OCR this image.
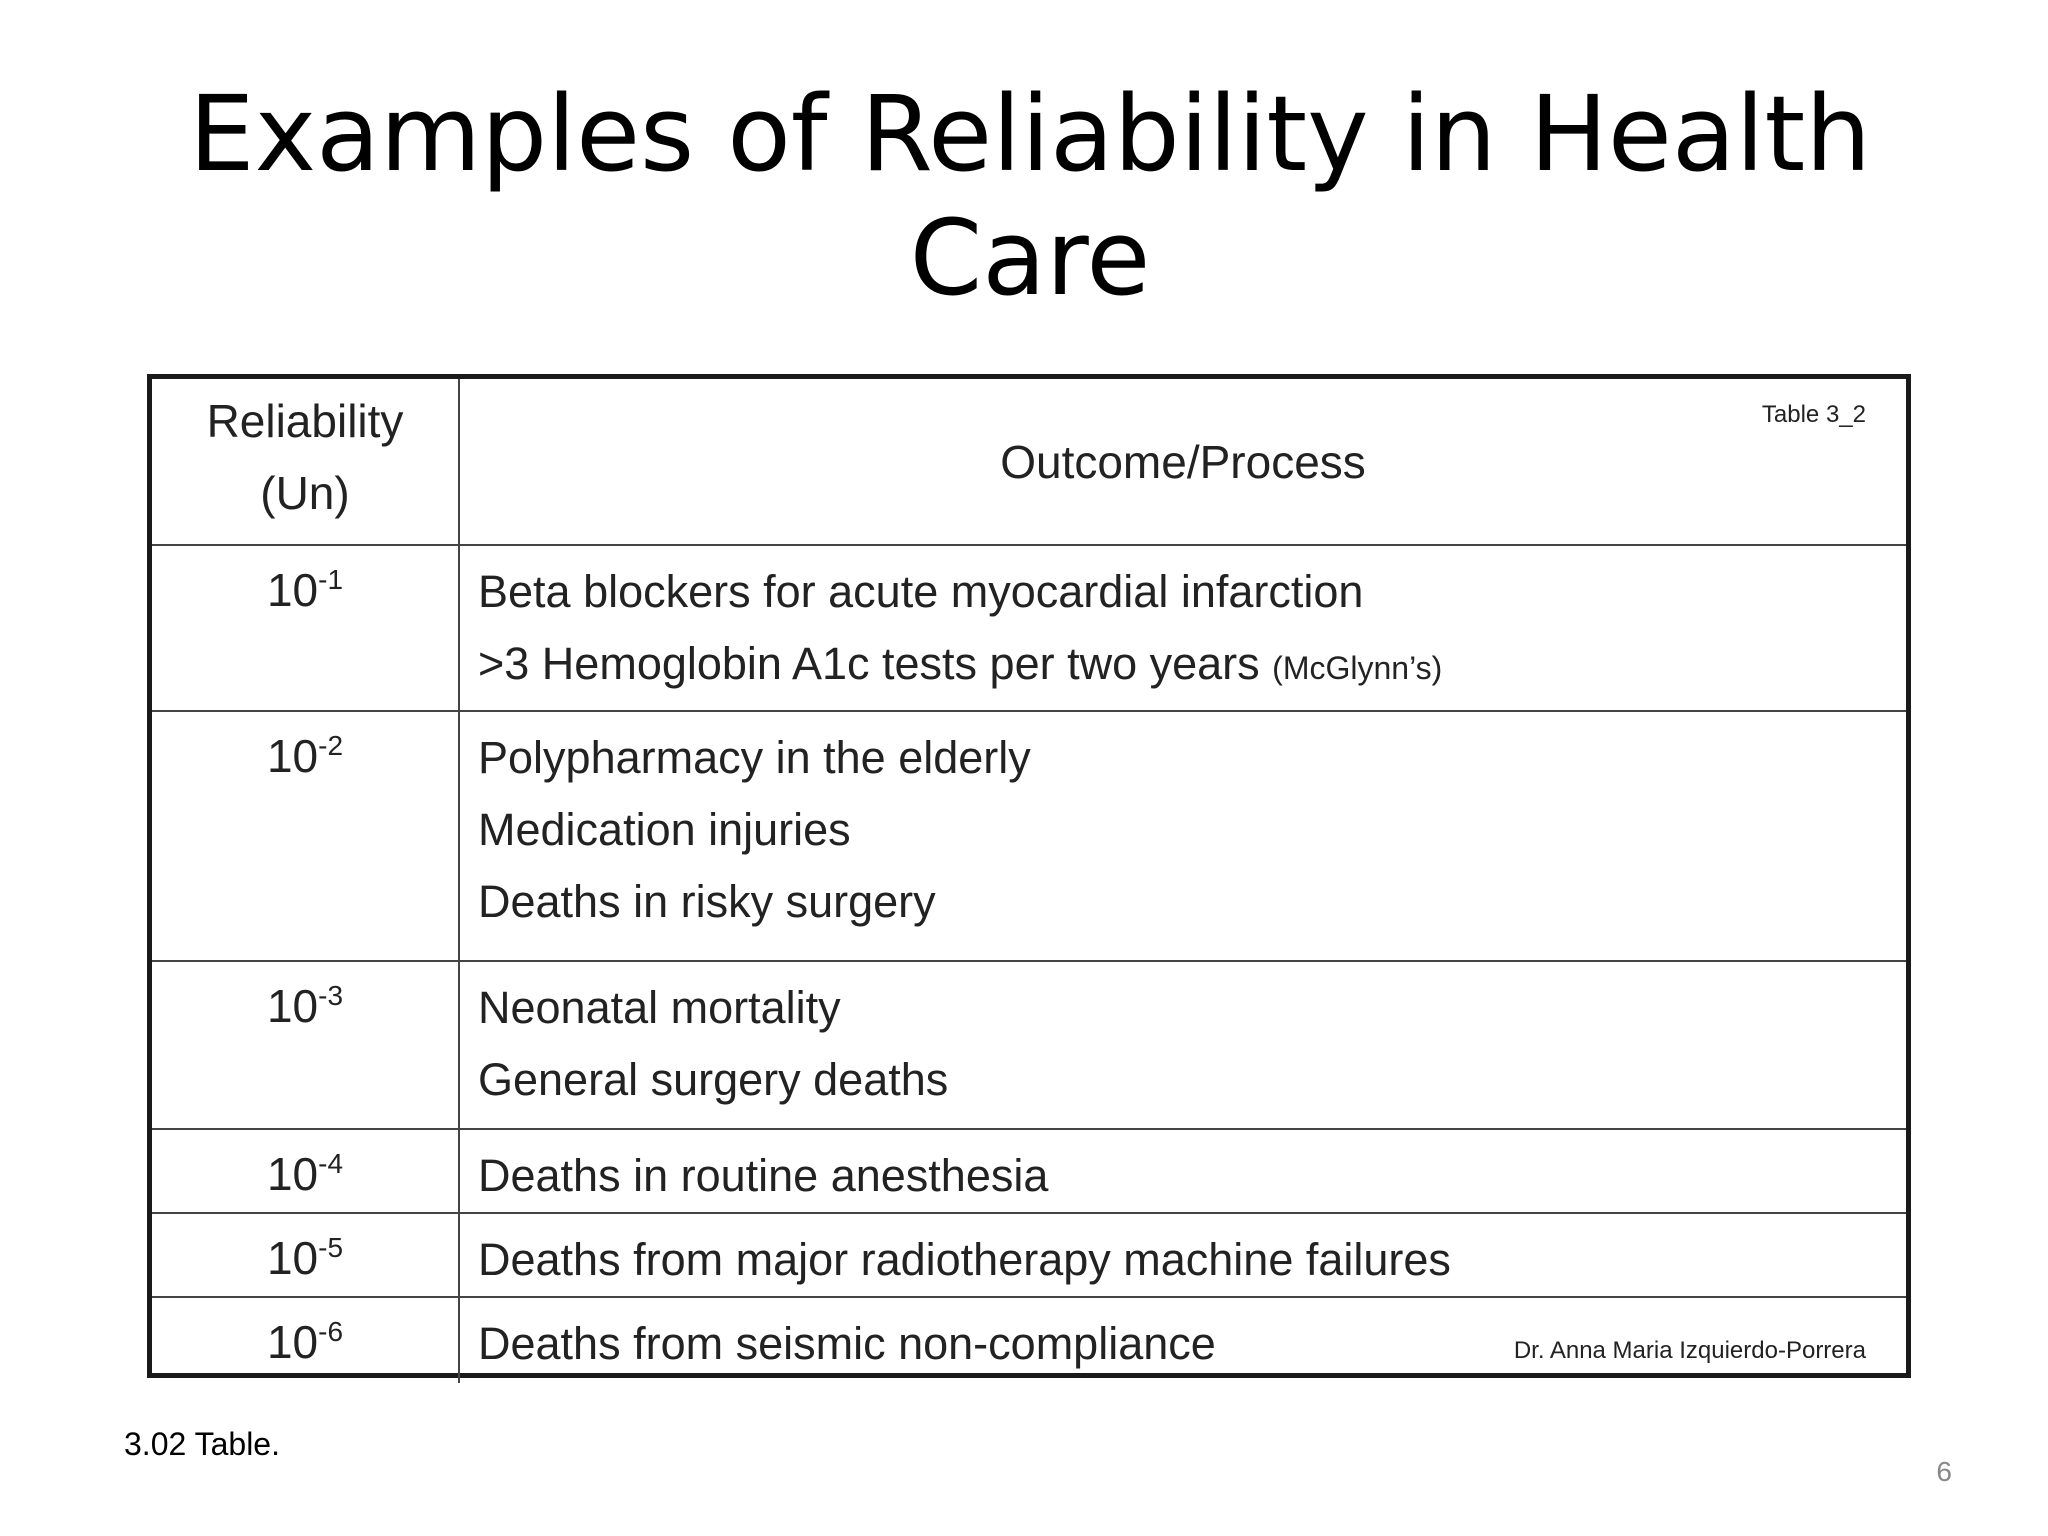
Examples of Reliability in Health Care
Reliability
(Un)	Outcome/Process
Table 3_2

$10^{-1}$	Beta blockers for acute myocardial infarction
>3 Hemoglobin A1c tests per two years (McGlynn’s)

$10^{-2}$	Polypharmacy in the elderly
Medication injuries
Deaths in risky surgery

$10^{-3}$	Neonatal mortality
General surgery deaths

$10^{-4}$	Deaths in routine anesthesia

$10^{-5}$	Deaths from major radiotherapy machine failures

$10^{-6}$	Deaths from seismic non-compliance Dr. Anna Maria Izquierdo-Porrera
3.02 Table.
6
